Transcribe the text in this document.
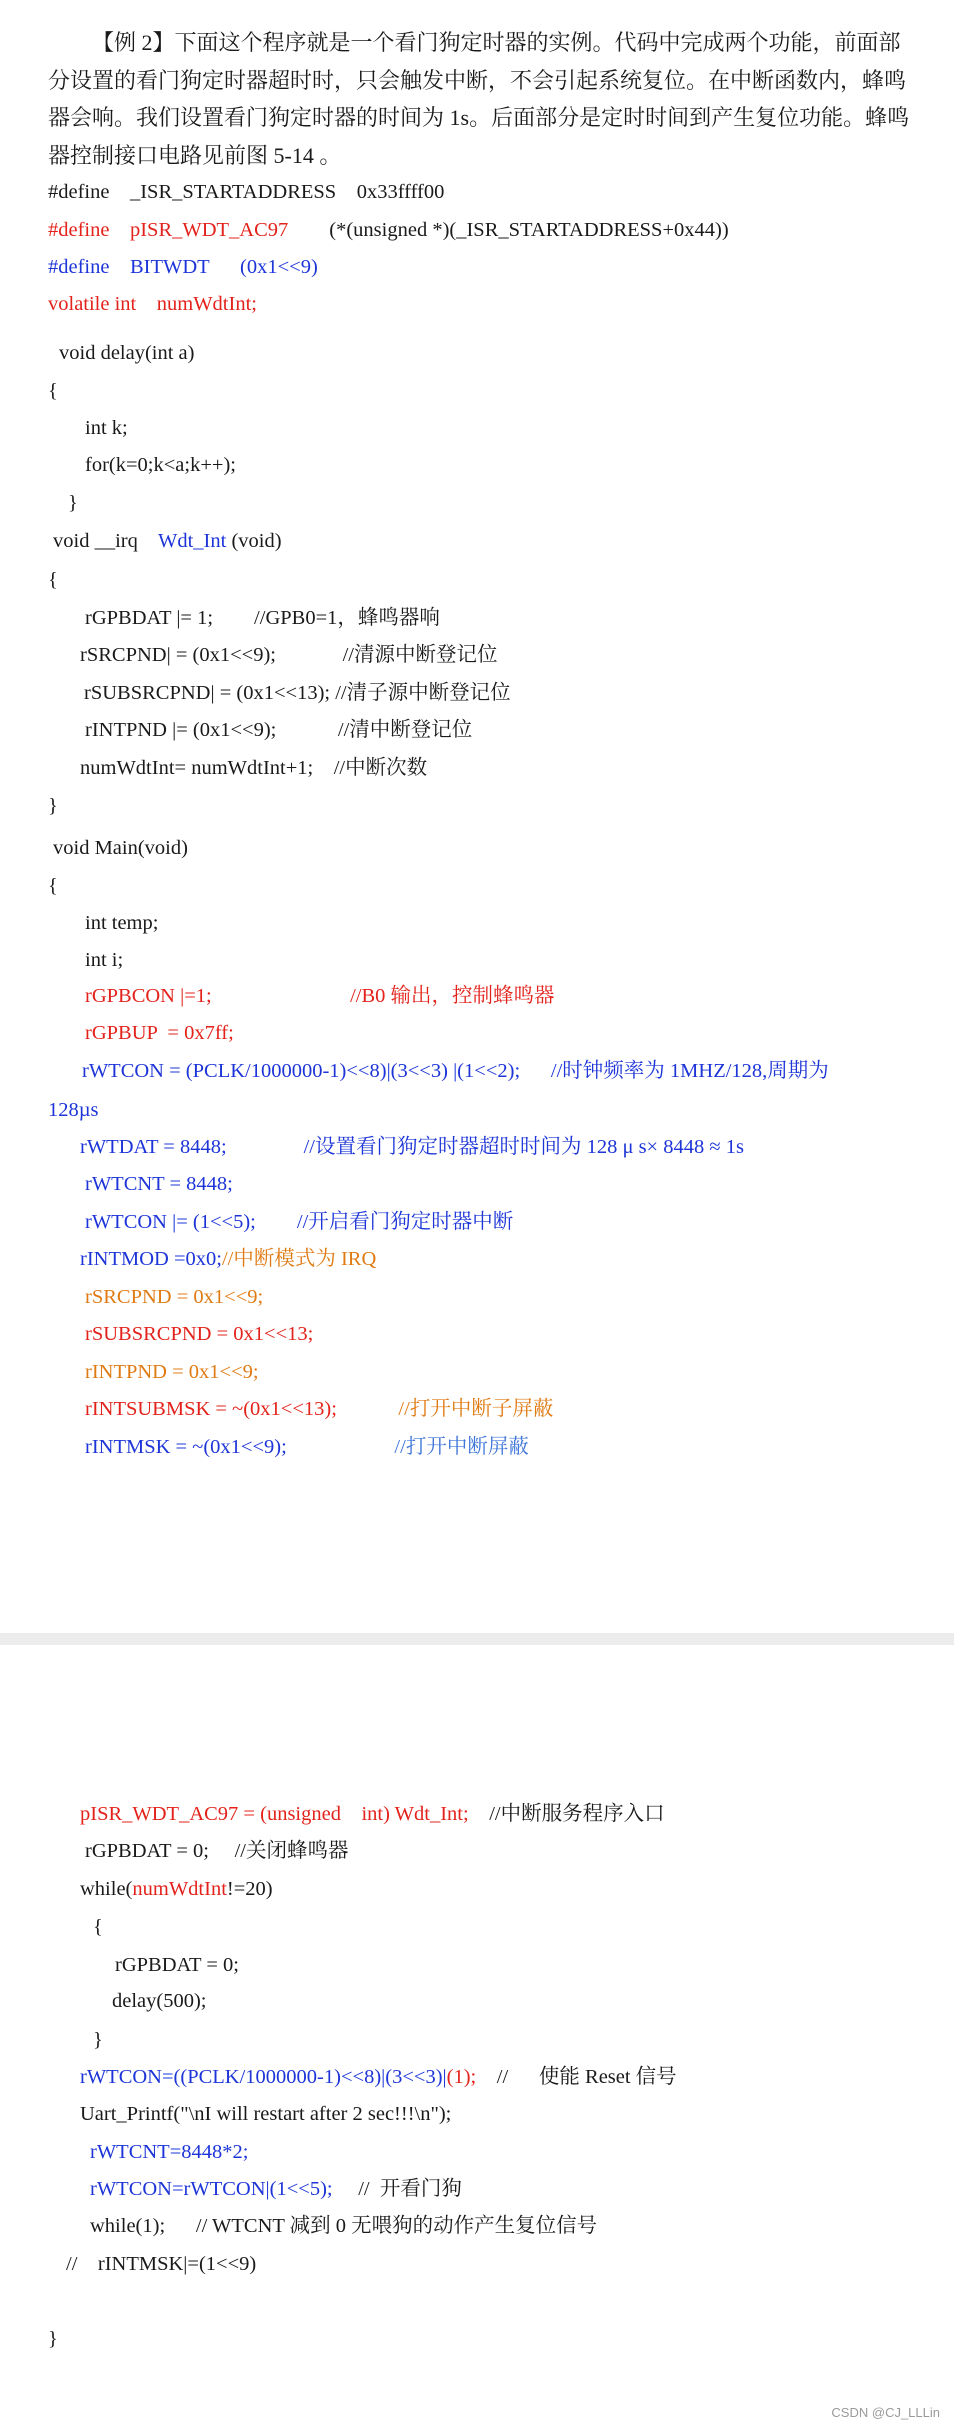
【例 2】下面这个程序就是一个看门狗定时器的实例。代码中完成两个功能，前面部分设置的看门狗定时器超时时，只会触发中断，不会引起系统复位。在中断函数内，蜂鸣器会响。我们设置看门狗定时器的时间为 1s。后面部分是定时时间到产生复位功能。蜂鸣器控制接口电路见前图 5-14 。

#define    _ISR_STARTADDRESS    0x33ffff00
#define    pISR_WDT_AC97        (*(unsigned *)(_ISR_STARTADDRESS+0x44))
#define    BITWDT      (0x1<<9)
volatile int    numWdtInt;
void delay(int a)
{
int k;
for(k=0;k<a;k++);
}
void __irq    Wdt_Int (void)
{
rGPBDAT |= 1;        //GPB0=1，蜂鸣器响
rSRCPND| = (0x1<<9);             //清源中断登记位
rSUBSRCPND| = (0x1<<13); //清子源中断登记位
rINTPND |= (0x1<<9);            //清中断登记位
numWdtInt= numWdtInt+1;    //中断次数
}
void Main(void)
{
int temp;
int i;
rGPBCON |=1;                           //B0 输出，控制蜂鸣器
rGPBUP  = 0x7ff;
rWTCON = (PCLK/1000000-1)<<8)|(3<<3) |(1<<2);      //时钟频率为 1MHZ/128,周期为
128µs
rWTDAT = 8448;               //设置看门狗定时器超时时间为 128 μ s× 8448 ≈ 1s
rWTCNT = 8448;
rWTCON |= (1<<5);        //开启看门狗定时器中断
rINTMOD =0x0;//中断模式为 IRQ
rSRCPND = 0x1<<9;
rSUBSRCPND = 0x1<<13;
rINTPND = 0x1<<9;
rINTSUBMSK = ~(0x1<<13);            //打开中断子屏蔽
rINTMSK = ~(0x1<<9);                     //打开中断屏蔽
pISR_WDT_AC97 = (unsigned    int) Wdt_Int;    //中断服务程序入口
rGPBDAT = 0;     //关闭蜂鸣器
while(numWdtInt!=20)
{
rGPBDAT = 0;
delay(500);
}
rWTCON=((PCLK/1000000-1)<<8)|(3<<3)|(1);    //      使能 Reset 信号
Uart_Printf("\nI will restart after 2 sec!!!\n");
rWTCNT=8448*2;
rWTCON=rWTCON|(1<<5);     //  开看门狗
while(1);      // WTCNT 减到 0 无喂狗的动作产生复位信号
//    rINTMSK|=(1<<9)
}
CSDN @CJ_LLLin
